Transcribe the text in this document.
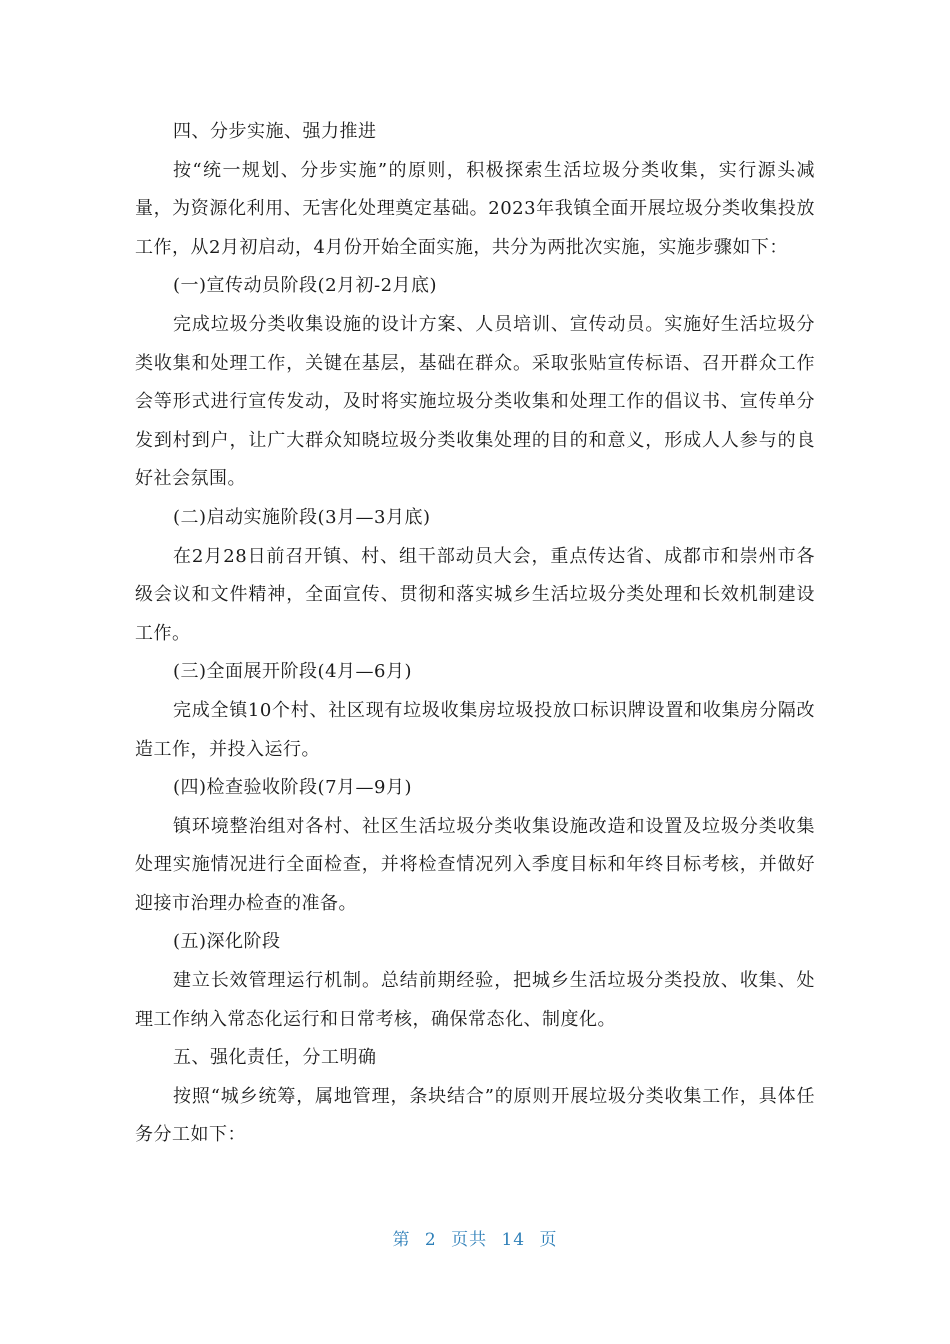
四、分步实施、强力推进

按“统一规划、分步实施”的原则，积极探索生活垃圾分类收集，实行源头减量，为资源化利用、无害化处理奠定基础。2023年我镇全面开展垃圾分类收集投放工作，从2月初启动，4月份开始全面实施，共分为两批次实施，实施步骤如下：

(一)宣传动员阶段(2月初-2月底)

完成垃圾分类收集设施的设计方案、人员培训、宣传动员。实施好生活垃圾分类收集和处理工作，关键在基层，基础在群众。采取张贴宣传标语、召开群众工作会等形式进行宣传发动，及时将实施垃圾分类收集和处理工作的倡议书、宣传单分发到村到户，让广大群众知晓垃圾分类收集处理的目的和意义，形成人人参与的良好社会氛围。

(二)启动实施阶段(3月—3月底)

在2月28日前召开镇、村、组干部动员大会，重点传达省、成都市和崇州市各级会议和文件精神，全面宣传、贯彻和落实城乡生活垃圾分类处理和长效机制建设工作。

(三)全面展开阶段(4月—6月)

完成全镇10个村、社区现有垃圾收集房垃圾投放口标识牌设置和收集房分隔改造工作，并投入运行。

(四)检查验收阶段(7月—9月)

镇环境整治组对各村、社区生活垃圾分类收集设施改造和设置及垃圾分类收集处理实施情况进行全面检查，并将检查情况列入季度目标和年终目标考核，并做好迎接市治理办检查的准备。

(五)深化阶段

建立长效管理运行机制。总结前期经验，把城乡生活垃圾分类投放、收集、处理工作纳入常态化运行和日常考核，确保常态化、制度化。

五、强化责任，分工明确

按照“城乡统筹，属地管理，条块结合”的原则开展垃圾分类收集工作，具体任务分工如下：

第 2 页共 14 页
